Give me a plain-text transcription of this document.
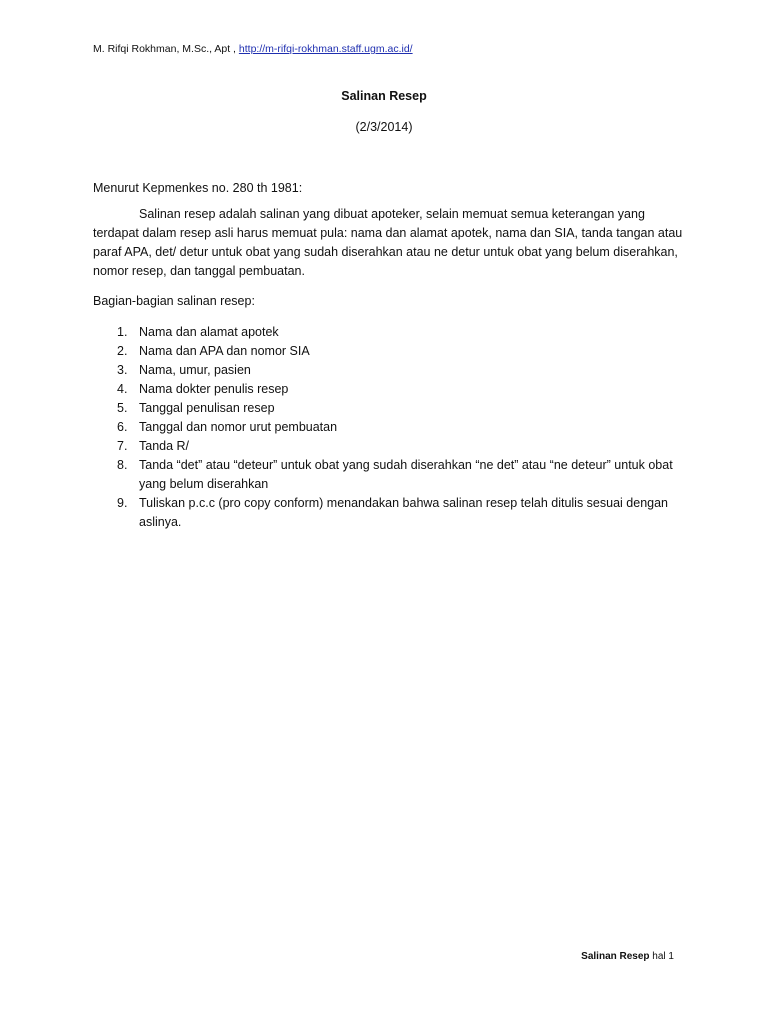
M. Rifqi Rokhman, M.Sc., Apt , http://m-rifqi-rokhman.staff.ugm.ac.id/
Salinan Resep
(2/3/2014)
Menurut Kepmenkes no. 280 th 1981:
Salinan resep adalah salinan yang dibuat apoteker, selain memuat semua keterangan yang terdapat dalam resep asli harus memuat pula: nama dan alamat apotek, nama dan SIA, tanda tangan atau paraf APA, det/ detur untuk obat yang sudah diserahkan atau ne detur untuk obat yang belum diserahkan, nomor resep, dan tanggal pembuatan.
Bagian-bagian salinan resep:
1. Nama dan alamat apotek
2. Nama dan APA dan nomor SIA
3. Nama, umur, pasien
4. Nama dokter penulis resep
5. Tanggal penulisan resep
6. Tanggal dan nomor urut pembuatan
7. Tanda R/
8. Tanda “det” atau “deteur” untuk obat yang sudah diserahkan “ne det” atau “ne deteur” untuk obat yang belum diserahkan
9. Tuliskan p.c.c (pro copy conform) menandakan bahwa salinan resep telah ditulis sesuai dengan aslinya.
Salinan Resep hal 1
